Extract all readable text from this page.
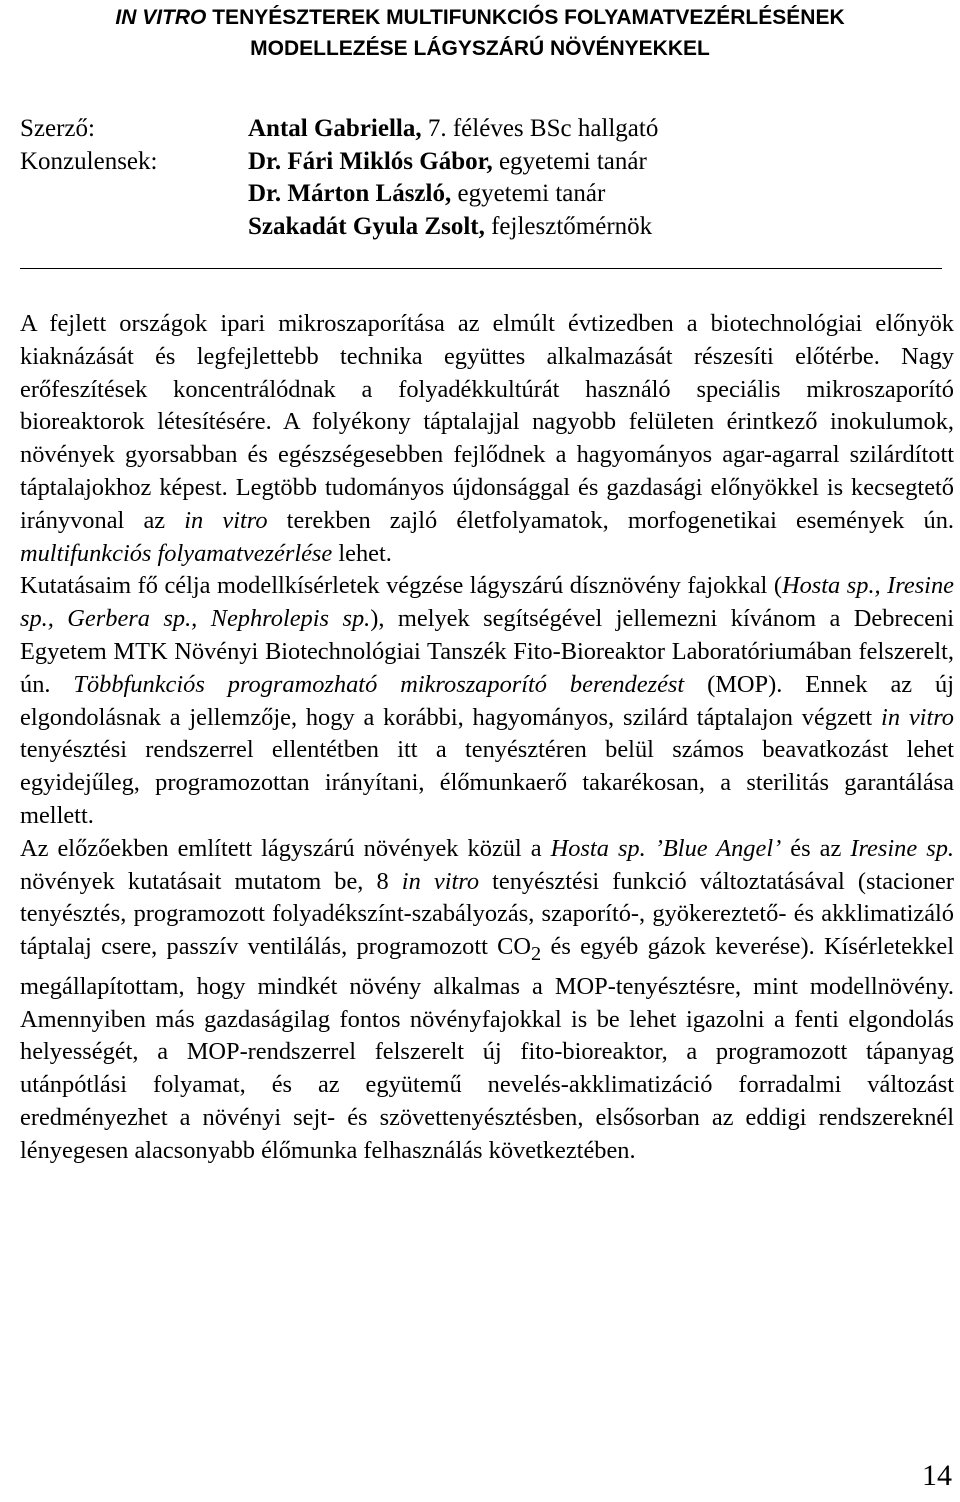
IN VITRO TENYÉSZTEREK MULTIFUNKCIÓS FOLYAMATVEZÉRLÉSÉNEK
MODELLEZÉSE LÁGYSZÁRÚ NÖVÉNYEKKEL
Szerző:	Antal Gabriella, 7. féléves BSc hallgató
Konzulensek:	Dr. Fári Miklós Gábor, egyetemi tanár
Dr. Márton László, egyetemi tanár
Szakadát Gyula Zsolt, fejlesztőmérnök

A fejlett országok ipari mikroszaporítása az elmúlt évtizedben a biotechnológiai előnyök kiaknázását és legfejlettebb technika együttes alkalmazását részesíti előtérbe. Nagy erőfeszítések koncentrálódnak a folyadékkultúrát használó speciális mikroszaporító bioreaktorok létesítésére. A folyékony táptalajjal nagyobb felületen érintkező inokulumok, növények gyorsabban és egészségesebben fejlődnek a hagyományos agar-agarral szilárdított táptalajokhoz képest. Legtöbb tudományos újdonsággal és gazdasági előnyökkel is kecsegtető irányvonal az in vitro terekben zajló életfolyamatok, morfogenetikai események ún. multifunkciós folyamatvezérlése lehet.

Kutatásaim fő célja modellkísérletek végzése lágyszárú dísznövény fajokkal (Hosta sp., Iresine sp., Gerbera sp., Nephrolepis sp.), melyek segítségével jellemezni kívánom a Debreceni Egyetem MTK Növényi Biotechnológiai Tanszék Fito-Bioreaktor Laboratóriumában felszerelt, ún. Többfunkciós programozható mikroszaporító berendezést (MOP). Ennek az új elgondolásnak a jellemzője, hogy a korábbi, hagyományos, szilárd táptalajon végzett in vitro tenyésztési rendszerrel ellentétben itt a tenyésztéren belül számos beavatkozást lehet egyidejűleg, programozottan irányítani, élőmunkaerő takarékosan, a sterilitás garantálása mellett.

Az előzőekben említett lágyszárú növények közül a Hosta sp. ’Blue Angel’ és az Iresine sp. növények kutatásait mutatom be, 8 in vitro tenyésztési funkció változtatásával (stacioner tenyésztés, programozott folyadékszínt-szabályozás, szaporító-, gyökereztető- és akklimatizáló táptalaj csere, passzív ventilálás, programozott $CO_2$ és egyéb gázok keverése). Kísérletekkel megállapítottam, hogy mindkét növény alkalmas a MOP-tenyésztésre, mint modellnövény. Amennyiben más gazdaságilag fontos növényfajokkal is be lehet igazolni a fenti elgondolás helyességét, a MOP-rendszerrel felszerelt új fito-bioreaktor, a programozott tápanyag utánpótlási folyamat, és az együtemű nevelés-akklimatizáció forradalmi változást eredményezhet a növényi sejt- és szövettenyésztésben, elsősorban az eddigi rendszereknél lényegesen alacsonyabb élőmunka felhasználás következtében.

14
